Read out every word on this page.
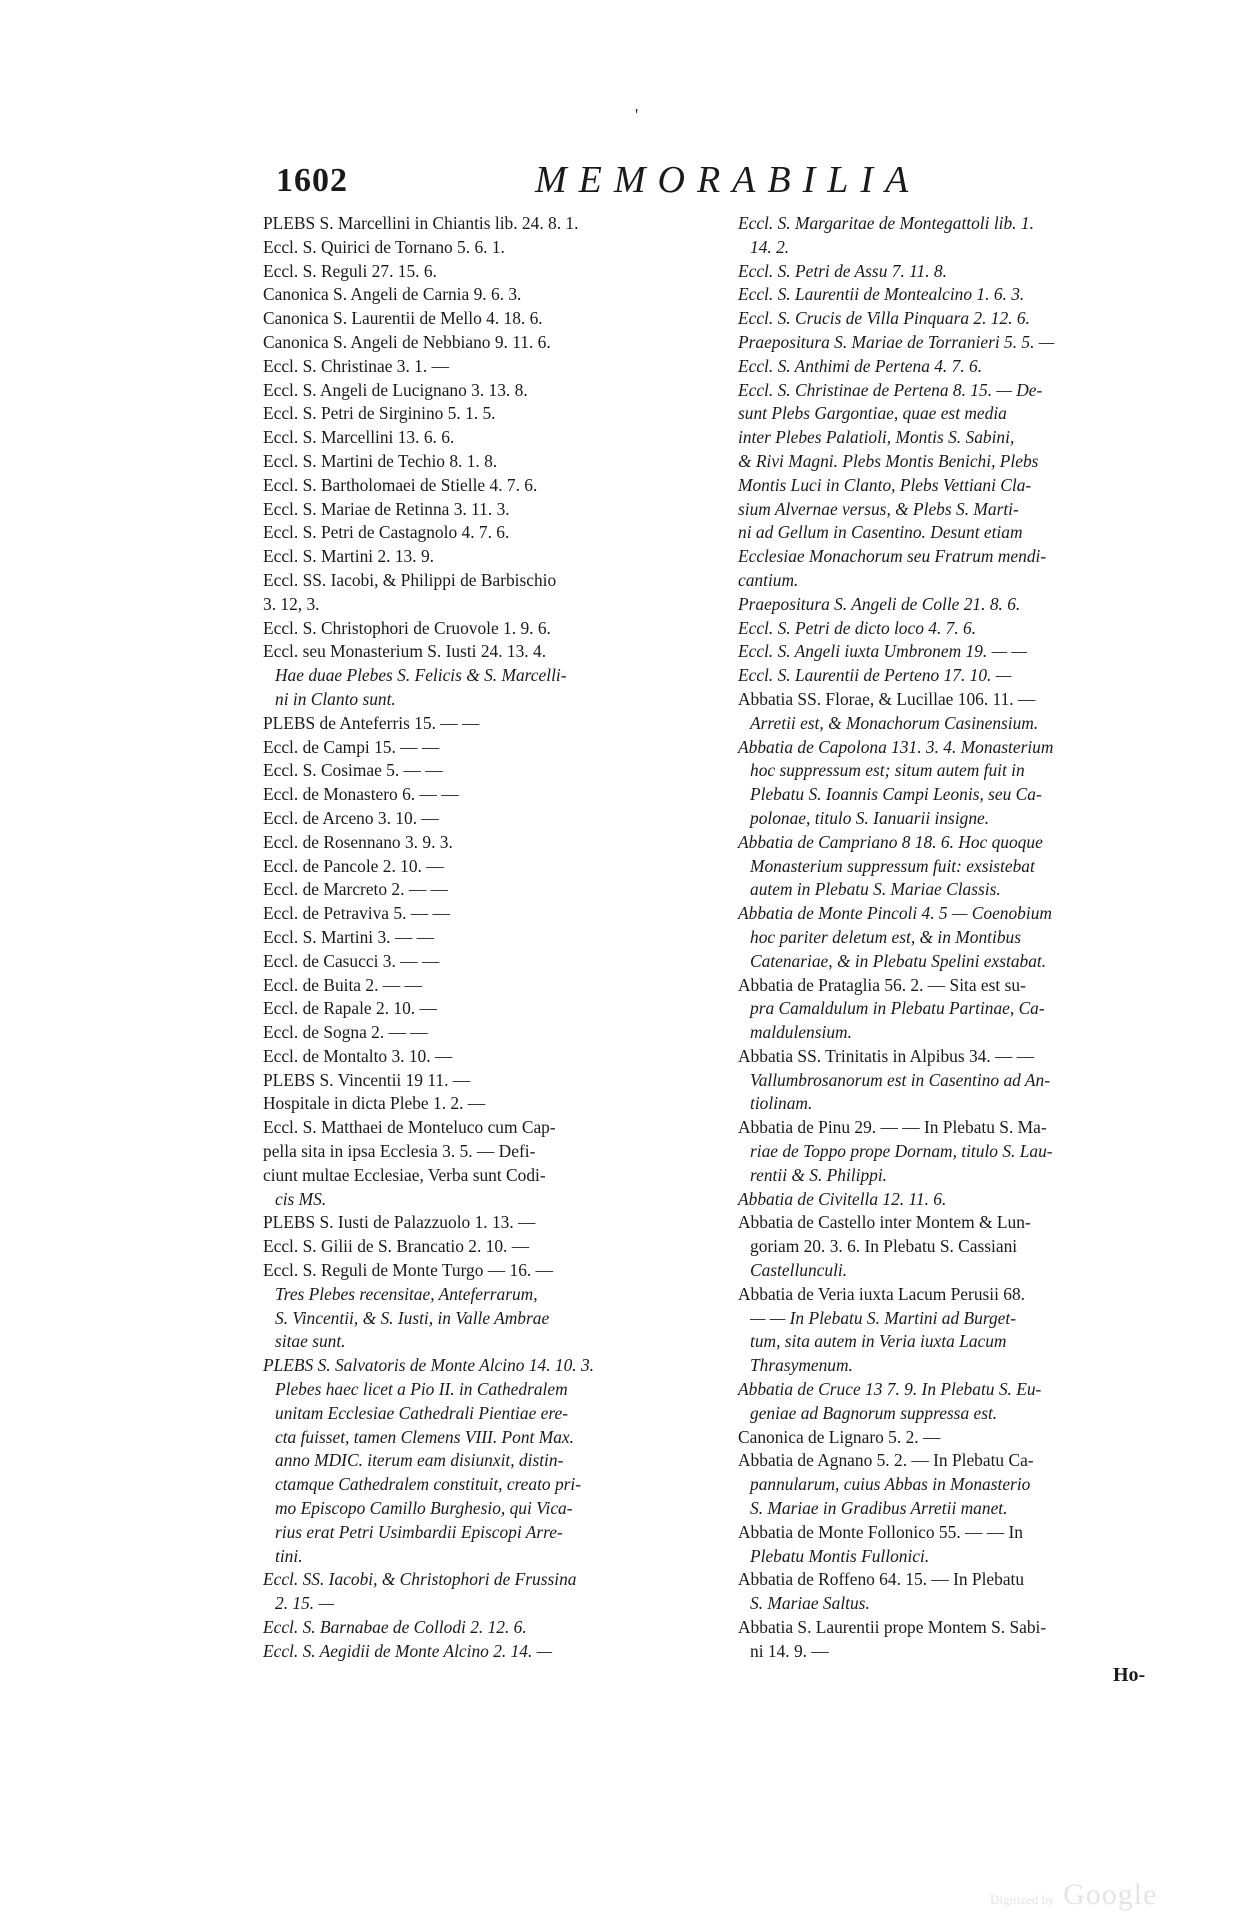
'
1602	MEMORABILIA
PLEBS S. Marcellini in Chiantis lib. 24. 8. 1.
Eccl. S. Quirici de Tornano 5. 6. 1.
Eccl. S. Reguli 27. 15. 6.
Canonica S. Angeli de Carnia 9. 6. 3.
Canonica S. Laurentii de Mello 4. 18. 6.
Canonica S. Angeli de Nebbiano 9. 11. 6.
Eccl. S. Christinae 3. 1. —
Eccl. S. Angeli de Lucignano 3. 13. 8.
Eccl. S. Petri de Sirginino 5. 1. 5.
Eccl. S. Marcellini 13. 6. 6.
Eccl. S. Martini de Techio 8. 1. 8.
Eccl. S. Bartholomaei de Stielle 4. 7. 6.
Eccl. S. Mariae de Retinna 3. 11. 3.
Eccl. S. Petri de Castagnolo 4. 7. 6.
Eccl. S. Martini 2. 13. 9.
Eccl. SS. Iacobi, & Philippi de Barbischio
3. 12, 3.
Eccl. S. Christophori de Cruovole 1. 9. 6.
Eccl. seu Monasterium S. Iusti 24. 13. 4.
Hae duae Plebes S. Felicis & S. Marcelli-
ni in Clanto sunt.
PLEBS de Anteferris 15. — —
Eccl. de Campi 15. — —
Eccl. S. Cosimae 5. — —
Eccl. de Monastero 6. — —
Eccl. de Arceno 3. 10. —
Eccl. de Rosennano 3. 9. 3.
Eccl. de Pancole 2. 10. —
Eccl. de Marcreto 2. — —
Eccl. de Petraviva 5. — —
Eccl. S. Martini 3. — —
Eccl. de Casucci 3. — —
Eccl. de Buita 2. — —
Eccl. de Rapale 2. 10. —
Eccl. de Sogna 2. — —
Eccl. de Montalto 3. 10. —
PLEBS S. Vincentii 19 11. —
Hospitale in dicta Plebe 1. 2. —
Eccl. S. Matthaei de Monteluco cum Cap-
pella sita in ipsa Ecclesia 3. 5. — Defi-
ciunt multae Ecclesiae, Verba sunt Codi-
cis MS.
PLEBS S. Iusti de Palazzuolo 1. 13. —
Eccl. S. Gilii de S. Brancatio 2. 10. —
Eccl. S. Reguli de Monte Turgo — 16. —
Tres Plebes recensitae, Anteferrarum,
S. Vincentii, & S. Iusti, in Valle Ambrae
sitae sunt.
PLEBS S. Salvatoris de Monte Alcino 14. 10. 3.
Plebes haec licet a Pio II. in Cathedralem
unitam Ecclesiae Cathedrali Pientiae ere-
cta fuisset, tamen Clemens VIII. Pont Max.
anno MDIC. iterum eam disiunxit, distin-
ctamque Cathedralem constituit, creato pri-
mo Episcopo Camillo Burghesio, qui Vica-
rius erat Petri Usimbardii Episcopi Arre-
tini.
Eccl. SS. Iacobi, & Christophori de Frussina
2. 15. —
Eccl. S. Barnabae de Collodi 2. 12. 6.
Eccl. S. Aegidii de Monte Alcino 2. 14. —
Eccl. S. Margaritae de Montegattoli lib. 1.
14. 2.
Eccl. S. Petri de Assu 7. 11. 8.
Eccl. S. Laurentii de Montealcino 1. 6. 3.
Eccl. S. Crucis de Villa Pinquara 2. 12. 6.
Praepositura S. Mariae de Torranieri 5. 5. —
Eccl. S. Anthimi de Pertena 4. 7. 6.
Eccl. S. Christinae de Pertena 8. 15. — De-
sunt Plebs Gargontiae, quae est media
inter Plebes Palatioli, Montis S. Sabini,
& Rivi Magni. Plebs Montis Benichi, Plebs
Montis Luci in Clanto, Plebs Vettiani Cla-
sium Alvernae versus, & Plebs S. Marti-
ni ad Gellum in Casentino. Desunt etiam
Ecclesiae Monachorum seu Fratrum mendi-
cantium.
Praepositura S. Angeli de Colle 21. 8. 6.
Eccl. S. Petri de dicto loco 4. 7. 6.
Eccl. S. Angeli iuxta Umbronem 19. — —
Eccl. S. Laurentii de Perteno 17. 10. —
Abbatia SS. Florae, & Lucillae 106. 11. —
Arretii est, & Monachorum Casinensium.
Abbatia de Capolona 131. 3. 4. Monasterium
hoc suppressum est; situm autem fuit in
Plebatu S. Ioannis Campi Leonis, seu Ca-
polonae, titulo S. Ianuarii insigne.
Abbatia de Campriano 8 18. 6. Hoc quoque
Monasterium suppressum fuit: exsistebat
autem in Plebatu S. Mariae Classis.
Abbatia de Monte Pincoli 4. 5 — Coenobium
hoc pariter deletum est, & in Montibus
Catenariae, & in Plebatu Spelini exstabat.
Abbatia de Prataglia 56. 2. — Sita est su-
pra Camaldulum in Plebatu Partinae, Ca-
maldulensium.
Abbatia SS. Trinitatis in Alpibus 34. — —
Vallumbrosanorum est in Casentino ad An-
tiolinam.
Abbatia de Pinu 29. — — In Plebatu S. Ma-
riae de Toppo prope Dornam, titulo S. Lau-
rentii & S. Philippi.
Abbatia de Civitella 12. 11. 6.
Abbatia de Castello inter Montem & Lun-
goriam 20. 3. 6. In Plebatu S. Cassiani
Castellunculi.
Abbatia de Veria iuxta Lacum Perusii 68.
— — In Plebatu S. Martini ad Burget-
tum, sita autem in Veria iuxta Lacum
Thrasymenum.
Abbatia de Cruce 13 7. 9. In Plebatu S. Eu-
geniae ad Bagnorum suppressa est.
Canonica de Lignaro 5. 2. —
Abbatia de Agnano 5. 2. — In Plebatu Ca-
pannularum, cuius Abbas in Monasterio
S. Mariae in Gradibus Arretii manet.
Abbatia de Monte Follonico 55. — — In
Plebatu Montis Fullonici.
Abbatia de Roffeno 64. 15. — In Plebatu
S. Mariae Saltus.
Abbatia S. Laurentii prope Montem S. Sabi-
ni 14. 9. —
Ho-
Digitized by Google
